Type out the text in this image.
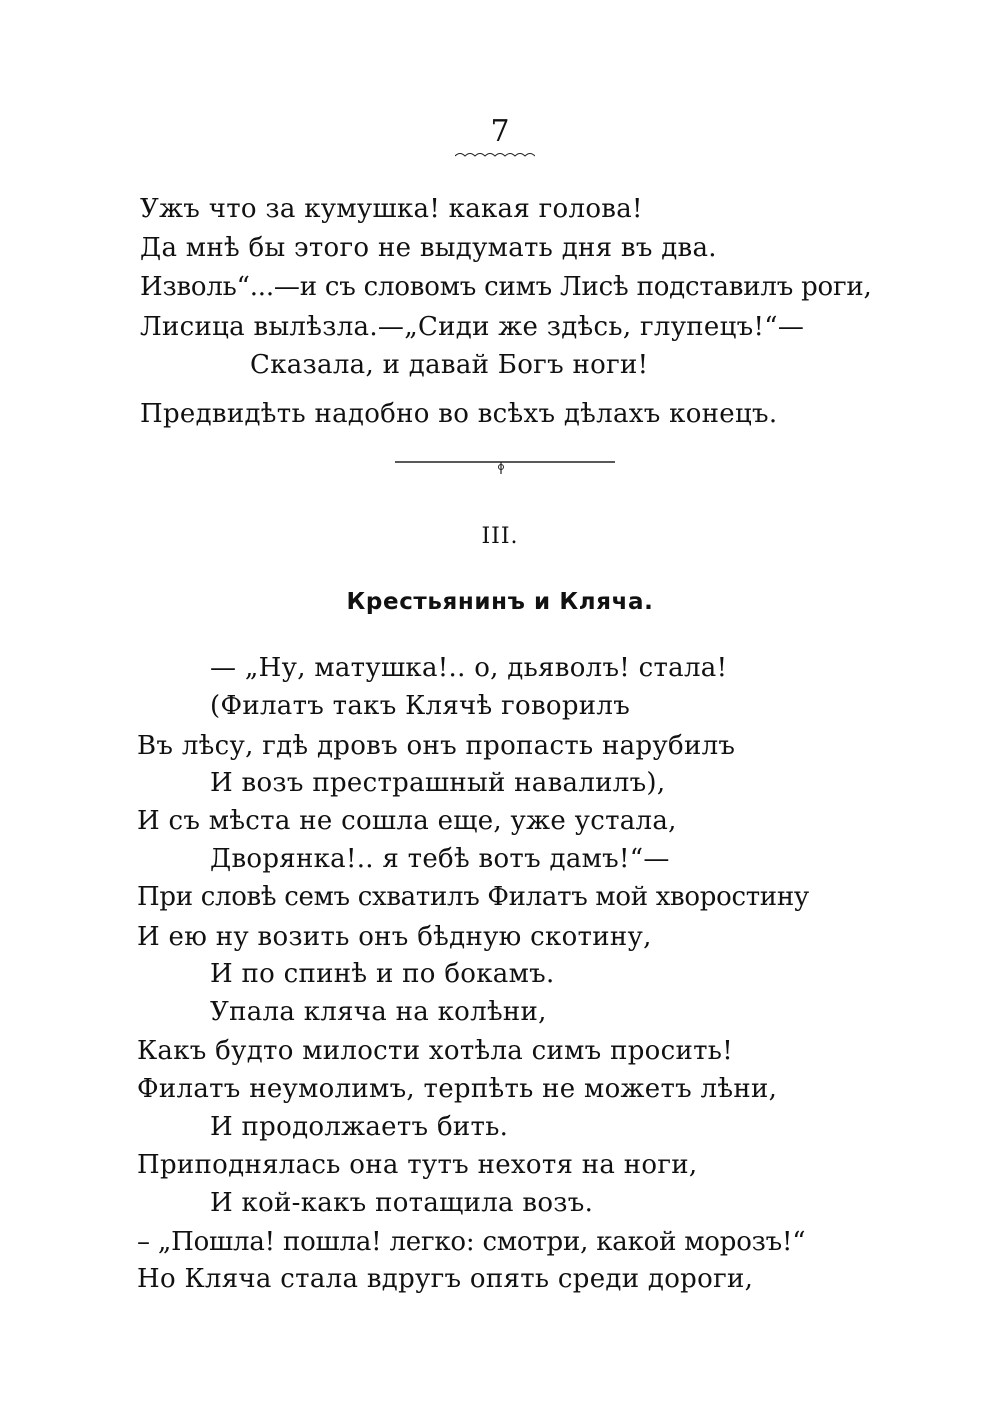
7
Ужъ что за кумушка! какая голова!
Да мнѣ бы этого не выдумать дня въ два.
Изволь“...—и съ словомъ симъ Лисѣ подставилъ роги,
Лисица вылѣзла.—„Сиди же здѣсь, глупецъ!“—
Сказала, и давай Богъ ноги!
Предвидѣть надобно во всѣхъ дѣлахъ конецъ.
III.
Крестьянинъ и Кляча.
— „Ну, матушка!.. о, дьяволъ! стала!
(Филатъ такъ Клячѣ говорилъ
Въ лѣсу, гдѣ дровъ онъ пропасть нарубилъ
И возъ престрашный навалилъ),
И съ мѣста не сошла еще, уже устала,
Дворянка!.. я тебѣ вотъ дамъ!“—
При словѣ семъ схватилъ Филатъ мой хворостину
И ею ну возить онъ бѣдную скотину,
И по спинѣ и по бокамъ.
Упала кляча на колѣни,
Какъ будто милости хотѣла симъ просить!
Филатъ неумолимъ, терпѣть не можетъ лѣни,
И продолжаетъ бить.
Приподнялась она тутъ нехотя на ноги,
И кой-какъ потащила возъ.
– „Пошла! пошла! легко: смотри, какой морозъ!“
Но Кляча стала вдругъ опять среди дороги,
